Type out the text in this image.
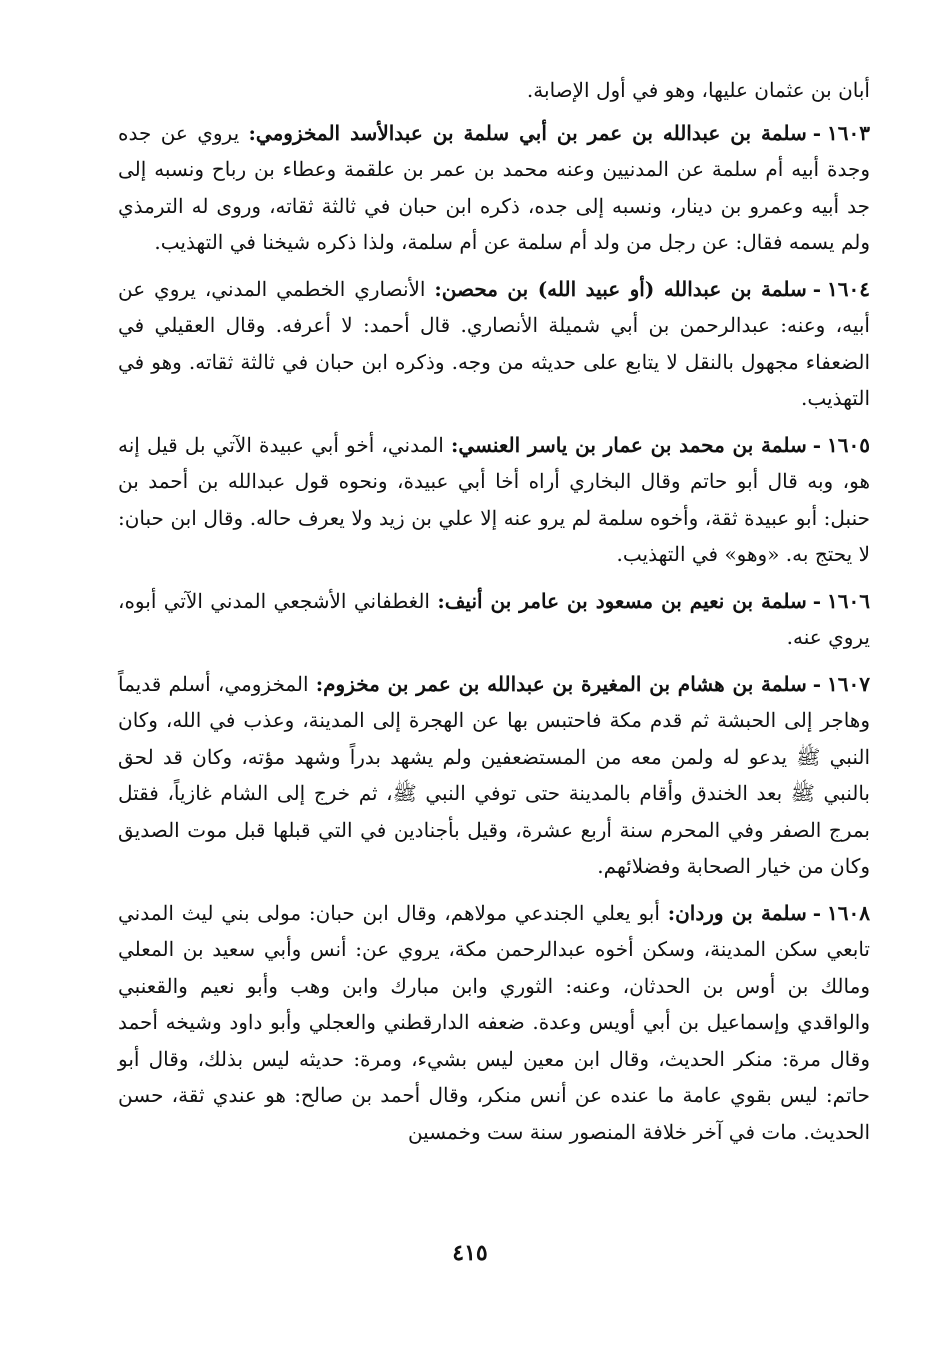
أبان بن عثمان عليها، وهو في أول الإصابة.

١٦٠٣-سلمة بن عبدالله بن عمر بن أبي سلمة بن عبدالأسد المخزومي: يروي عن جده وجدة أبيه أم سلمة عن المدنيين وعنه محمد بن عمر بن علقمة وعطاء بن رباح ونسبه إلى جد أبيه وعمرو بن دينار، ونسبه إلى جده، ذكره ابن حبان في ثالثة ثقاته، وروى له الترمذي ولم يسمه فقال: عن رجل من ولد أم سلمة عن أم سلمة، ولذا ذكره شيخنا في التهذيب.

١٦٠٤-سلمة بن عبدالله (أو عبيد الله) بن محصن: الأنصاري الخطمي المدني، يروي عن أبيه، وعنه: عبدالرحمن بن أبي شميلة الأنصاري. قال أحمد: لا أعرفه. وقال العقيلي في الضعفاء مجهول بالنقل لا يتابع على حديثه من وجه. وذكره ابن حبان في ثالثة ثقاته. وهو في التهذيب.

١٦٠٥-سلمة بن محمد بن عمار بن ياسر العنسي: المدني، أخو أبي عبيدة الآتي بل قيل إنه هو، وبه قال أبو حاتم وقال البخاري أراه أخا أبي عبيدة، ونحوه قول عبدالله بن أحمد بن حنبل: أبو عبيدة ثقة، وأخوه سلمة لم يرو عنه إلا علي بن زيد ولا يعرف حاله. وقال ابن حبان: لا يحتج به. «وهو» في التهذيب.

١٦٠٦-سلمة بن نعيم بن مسعود بن عامر بن أنيف: الغطفاني الأشجعي المدني الآتي أبوه، يروي عنه.

١٦٠٧-سلمة بن هشام بن المغيرة بن عبدالله بن عمر بن مخزوم: المخزومي، أسلم قديماً وهاجر إلى الحبشة ثم قدم مكة فاحتبس بها عن الهجرة إلى المدينة، وعذب في الله، وكان النبي ﷺ يدعو له ولمن معه من المستضعفين ولم يشهد بدراً وشهد مؤته، وكان قد لحق بالنبي ﷺ بعد الخندق وأقام بالمدينة حتى توفي النبي ﷺ، ثم خرج إلى الشام غازياً، فقتل بمرج الصفر وفي المحرم سنة أربع عشرة، وقيل بأجنادين في التي قبلها قبل موت الصديق وكان من خيار الصحابة وفضلائهم.

١٦٠٨-سلمة بن وردان: أبو يعلي الجندعي مولاهم، وقال ابن حبان: مولى بني ليث المدني تابعي سكن المدينة، وسكن أخوه عبدالرحمن مكة، يروي عن: أنس وأبي سعيد بن المعلي ومالك بن أوس بن الحدثان، وعنه: الثوري وابن مبارك وابن وهب وأبو نعيم والقعنبي والواقدي وإسماعيل بن أبي أويس وعدة. ضعفه الدارقطني والعجلي وأبو داود وشيخه أحمد وقال مرة: منكر الحديث، وقال ابن معين ليس بشيء، ومرة: حديثه ليس بذلك، وقال أبو حاتم: ليس بقوي عامة ما عنده عن أنس منكر، وقال أحمد بن صالح: هو عندي ثقة، حسن الحديث. مات في آخر خلافة المنصور سنة ست وخمسين

٤١٥
